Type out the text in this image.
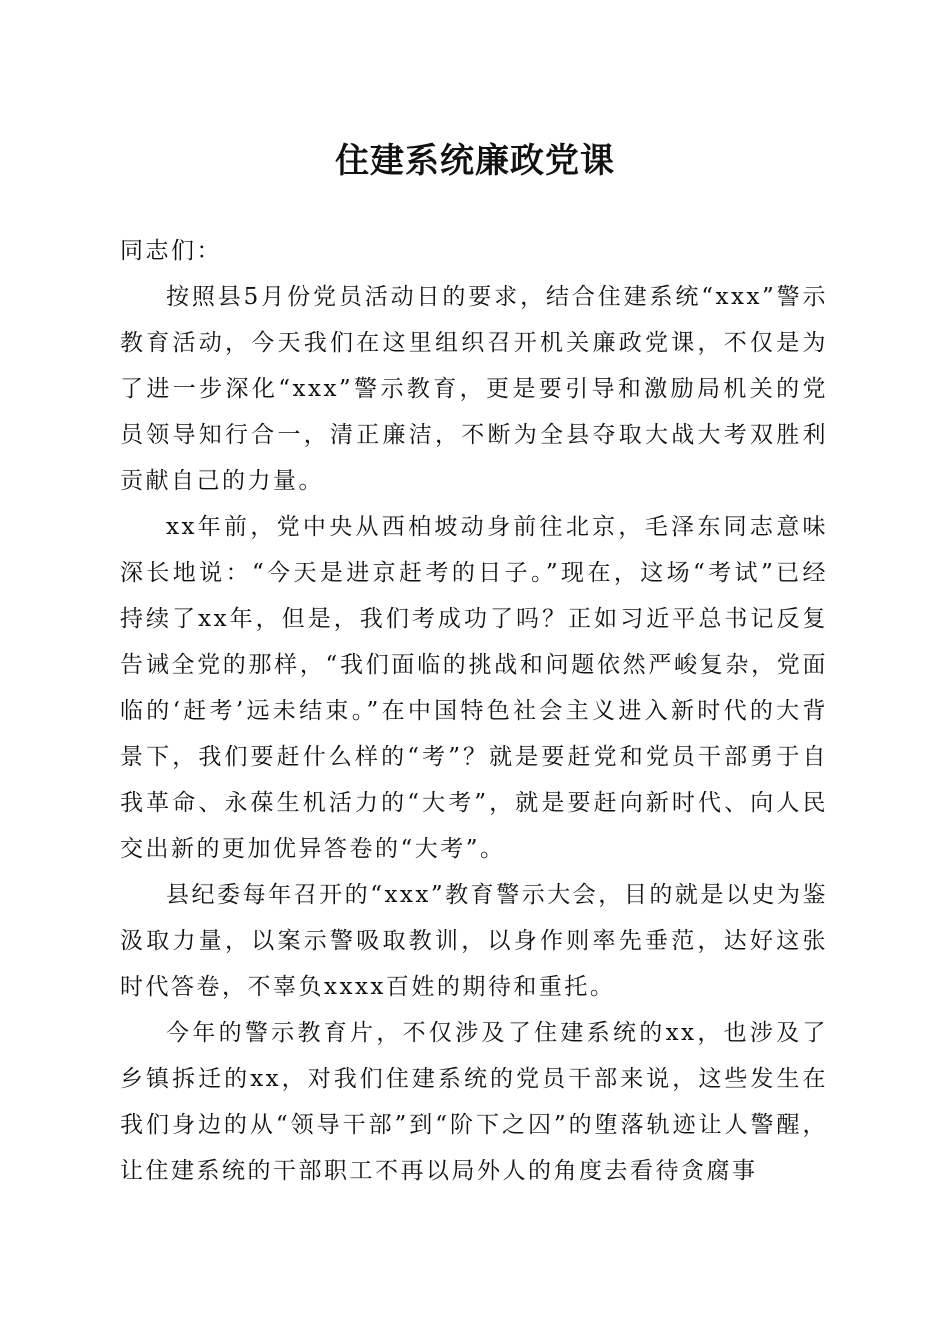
住建系统廉政党课

同志们：

按照县5月份党员活动日的要求，结合住建系统“xxx”警示教育活动，今天我们在这里组织召开机关廉政党课，不仅是为了进一步深化“xxx”警示教育，更是要引导和激励局机关的党员领导知行合一，清正廉洁，不断为全县夺取大战大考双胜利贡献自己的力量。

xx年前，党中央从西柏坡动身前往北京，毛泽东同志意味深长地说：“今天是进京赶考的日子。”现在，这场“考试”已经持续了xx年，但是，我们考成功了吗？正如习近平总书记反复告诫全党的那样，“我们面临的挑战和问题依然严峻复杂，党面临的‘赶考’远未结束。”在中国特色社会主义进入新时代的大背景下，我们要赶什么样的“考”？就是要赶党和党员干部勇于自我革命、永葆生机活力的“大考”，就是要赶向新时代、向人民交出新的更加优异答卷的“大考”。

县纪委每年召开的“xxx”教育警示大会，目的就是以史为鉴汲取力量，以案示警吸取教训，以身作则率先垂范，达好这张时代答卷，不辜负xxxx百姓的期待和重托。

今年的警示教育片，不仅涉及了住建系统的xx，也涉及了乡镇拆迁的xx，对我们住建系统的党员干部来说，这些发生在我们身边的从“领导干部”到“阶下之囚”的堕落轨迹让人警醒，让住建系统的干部职工不再以局外人的角度去看待贪腐事
